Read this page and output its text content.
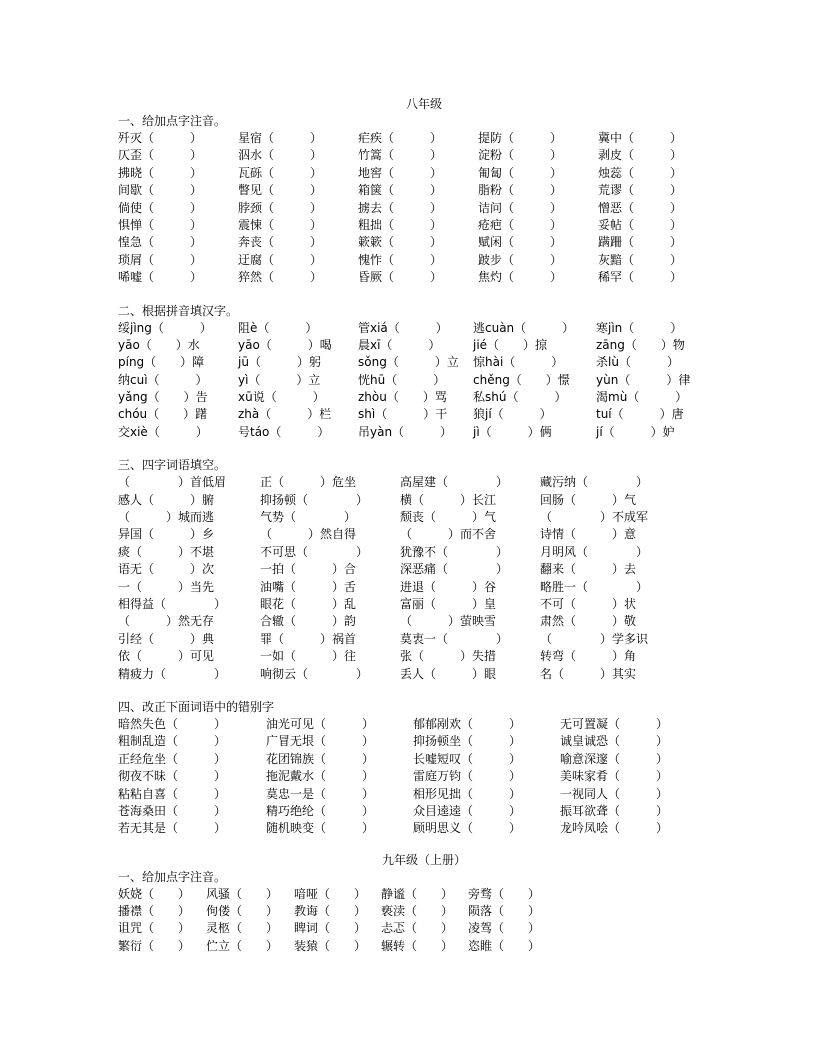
八年级
一、给加点字注音。
歼灭（　　　）	星宿（　　　）	疟疾（　　　）	提防（　　　）	冀中（　　　）
仄歪（　　　）	泅水（　　　）	竹篙（　　　）	淀粉（　　　）	剥皮（　　　）
拂晓（　　　）	瓦砾（　　　）	地窖（　　　）	匍匐（　　　）	烛蕊（　　　）
间歇（　　　）	瞥见（　　　）	箱箧（　　　）	脂粉（　　　）	荒谬（　　　）
倘使（　　　）	脖颈（　　　）	掳去（　　　）	诘问（　　　）	憎恶（　　　）
惧惮（　　　）	震悚（　　　）	粗拙（　　　）	疮疤（　　　）	妥帖（　　　）
惶急（　　　）	奔丧（　　　）	簌簌（　　　）	赋闲（　　　）	蹒跚（　　　）
琐屑（　　　）	迂腐（　　　）	愧怍（　　　）	跛步（　　　）	灰黯（　　　）
唏嘘（　　　）	猝然（　　　）	昏厥（　　　）	焦灼（　　　）	稀罕（　　　）
二、根据拼音填汉字。
绥jìng（　　　） 阻è（　　　）	管xiá（　　　） 逃cuàn（　　　） 寒jìn（　　　）
yāo（　　）水	yāo（　　　）喝 晨xī（　　　）	jié（　　）掠	zāng（　　）物
píng（　　）障	jū（　　　）躬	sǒng（　　　）立 惊hài（　　　）	杀lù（　　　）
纳cuì（　　　）	yì（　　　）立	恍hū（　　　） chěng（　　）憬 yùn（　　　）律
yǎng（　　）告	xū说（　　　）	zhòu（　　）骂 私shú（　　　） 渴mù（　　　）
chóu（　　）躇	zhà（　　　）栏 shì（　　　）干 狼jí（　　　）	tuí（　　　）唐
交xiè（　　　）	号táo（　　　） 吊yàn（　　　） jì（　　　）俩	jí（　　　）妒
三、四字词语填空。
（　　　　）首低眉	正（　　　）危坐	高屋建（　　　　）	藏污纳（　　　　）
感人（　　　）腑	抑扬顿（　　　　）	横（　　　）长江	回肠（　　　）气
（　　　）城而逃	气势（　　　　）	颓丧（　　　）气	（　　　　）不成军
异国（　　　）乡	（　　　）然自得	（　　　）而不舍	诗情（　　　）意
痰（　　　）不堪	不可思（　　　　）	犹豫不（　　　　）	月明风（　　　　）
语无（　　　）次	一拍（　　　）合	深恶痛（　　　　）	翻来（　　　）去
一（　　　）当先	油嘴（　　　）舌	进退（　　　）谷	略胜一（　　　　）
相得益（　　　　）	眼花（　　　）乱	富丽（　　　）皇	不可（　　　）状
（　　　）然无存	合辙（　　　）韵	（　　　）萤映雪	肃然（　　　）敬
引经（　　　）典	罪（　　　）祸首	莫衷一（　　　　）	（　　　　）学多识
依（　　　）可见	一如（　　　）往	张（　　　）失措	转弯（　　　）角
精疲力（　　　　）	响彻云（　　　　）	丢人（　　　）眼	名（　　　）其实
四、改正下面词语中的错别字
暗然失色（　　　）	油光可见（　　　）	郁郁剐欢（　　　）	无可置凝（　　　）
粗制乱造（　　　）	广冒无垠（　　　）	抑扬顿坐（　　　）	诚皇诚恐（　　　）
正经危坐（　　　）	花团锦族（　　　）	长嘘短叹（　　　）	喻意深邃（　　　）
彻夜不昧（　　　）	拖泥戴水（　　　）	雷庭万钧（　　　）	美味家肴（　　　）
粘粘自喜（　　　）	莫忠一是（　　　）	相形见拙（　　　）	一视同人（　　　）
苍海桑田（　　　）	精巧绝纶（　　　）	众目逵逵（　　　）	振耳欲聋（　　　）
若无其是（　　　）	随机映变（　　　）	顾明思义（　　　）	龙吟凤哙（　　　）
九年级（上册）
一、给加点字注音。
妖娆（　　） 风骚（　　） 喑哑（　　） 静谧（　　） 旁骛（　　）
播襟（　　） 佝偻（　　） 教诲（　　） 亵渎（　　） 陨落（　　）
诅咒（　　） 灵柩（　　） 睥词（　　） 忐忑（　　） 凌驾（　　）
繁衍（　　） 伫立（　　） 装猿（　　） 辗转（　　） 恣睢（　　）
